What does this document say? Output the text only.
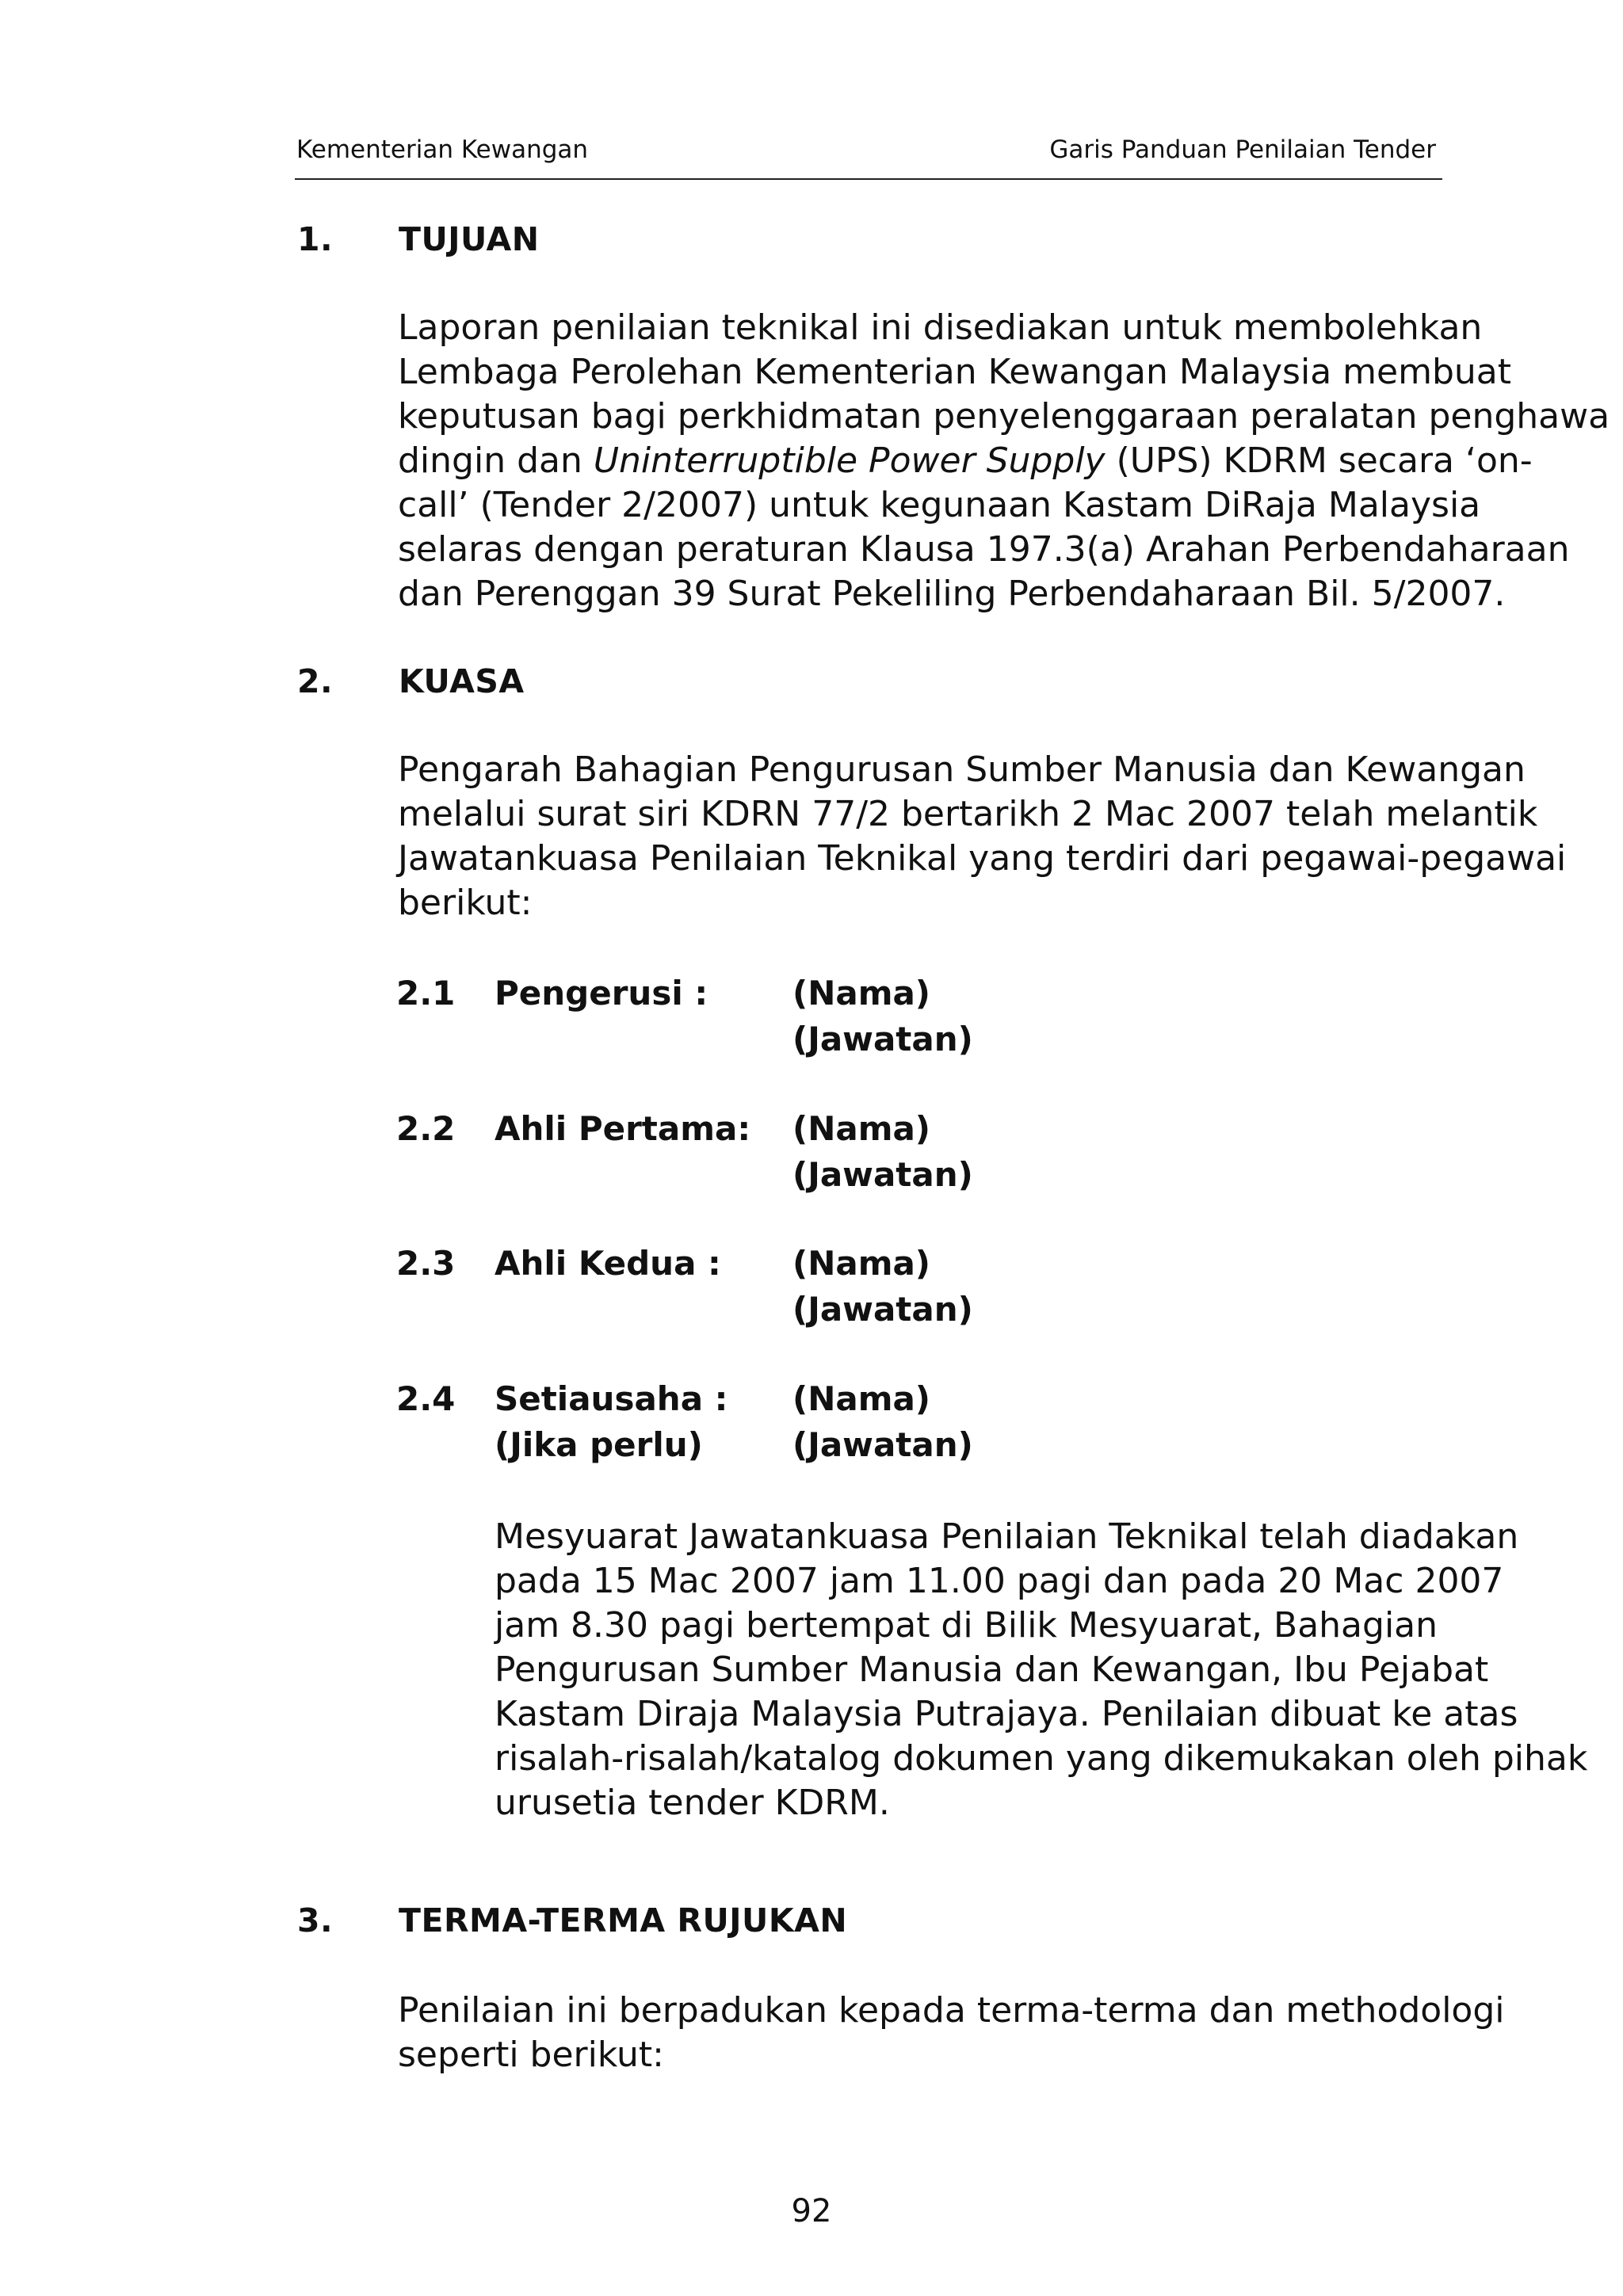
Kementerian Kewangan	Garis Panduan Penilaian Tender
1. TUJUAN
Laporan penilaian teknikal ini disediakan untuk membolehkan
Lembaga Perolehan Kementerian Kewangan Malaysia membuat
keputusan bagi perkhidmatan penyelenggaraan peralatan penghawa
dingin dan Uninterruptible Power Supply (UPS) KDRM secara ‘on-
call’ (Tender 2/2007) untuk kegunaan Kastam DiRaja Malaysia
selaras dengan peraturan Klausa 197.3(a) Arahan Perbendaharaan
dan Perenggan 39 Surat Pekeliling Perbendaharaan Bil. 5/2007.
2. KUASA
Pengarah Bahagian Pengurusan Sumber Manusia dan Kewangan
melalui surat siri KDRN 77/2 bertarikh 2 Mac 2007 telah melantik
Jawatankuasa Penilaian Teknikal yang terdiri dari pegawai-pegawai
berikut:
2.1 Pengerusi :	(Nama)
(Jawatan)
2.2 Ahli Pertama: (Nama)
(Jawatan)
2.3 Ahli Kedua : (Nama)
(Jawatan)
2.4 Setiausaha :
(Jika perlu)
(Nama)
(Jawatan)
Mesyuarat Jawatankuasa Penilaian Teknikal telah diadakan
pada 15 Mac 2007 jam 11.00 pagi dan pada 20 Mac 2007
jam 8.30 pagi bertempat di Bilik Mesyuarat, Bahagian
Pengurusan Sumber Manusia dan Kewangan, Ibu Pejabat
Kastam Diraja Malaysia Putrajaya. Penilaian dibuat ke atas
risalah-risalah/katalog dokumen yang dikemukakan oleh pihak
urusetia tender KDRM.
3. TERMA-TERMA RUJUKAN
Penilaian ini berpadukan kepada terma-terma dan methodologi
seperti berikut:
92
